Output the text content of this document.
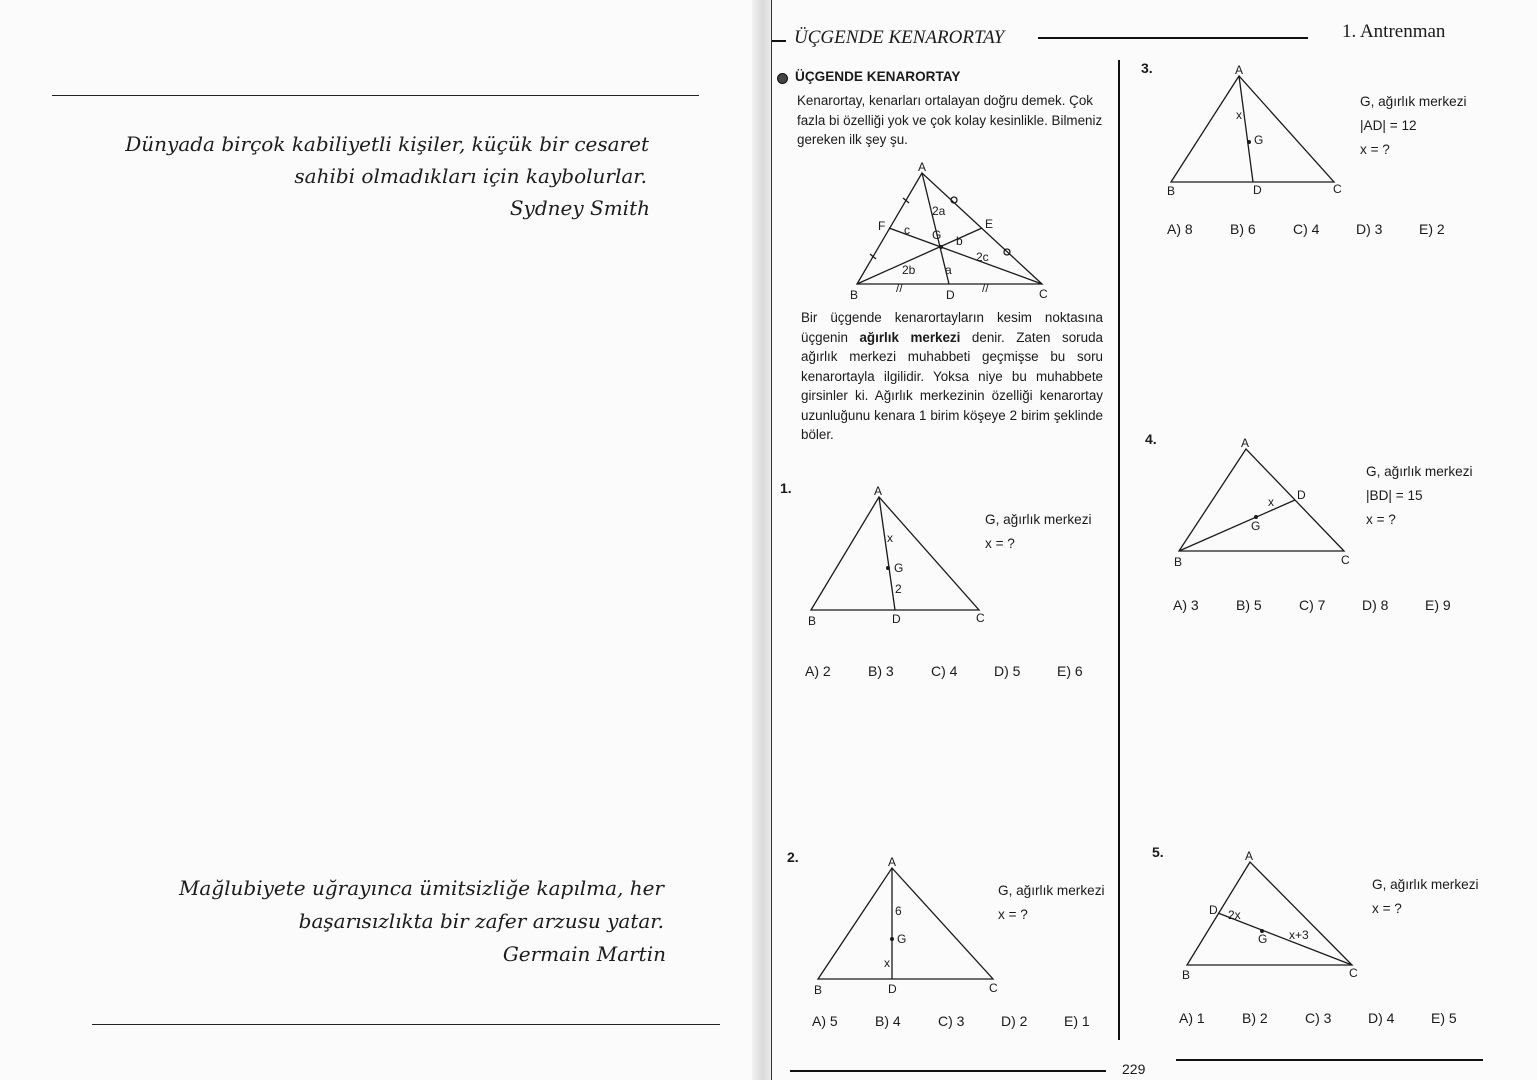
Dünyada birçok kabiliyetli kişiler, küçük bir cesaret
sahibi olmadıkları için kaybolurlar.
Sydney Smith
Mağlubiyete uğrayınca ümitsizliğe kapılma, her
başarısızlıkta bir zafer arzusu yatar.
Germain Martin
ÜÇGENDE KENARORTAY	1. Antrenman
ÜÇGENDE KENARORTAY
Kenarortay, kenarları ortalayan doğru demek. Çok fazla bi özelliği yok ve çok kolay kesinlikle. Bilmeniz gereken ilk şey şu.
A
B	C
D
E
F
G
2a
a
b
2b
c
2c
//	//
Bir üçgende kenarortayların kesim noktasına üçgenin ağırlık merkezi denir. Zaten soruda ağırlık merkezi muhabbeti geçmişse bu soru kenarortayla ilgilidir. Yoksa niye bu muhabbete girsinler ki. Ağırlık merkezinin özelliği kenarortay uzunluğunu kenara 1 birim köşeye 2 birim şeklinde böler.
1.	A
B	C
D
G
x
2
G, ağırlık merkezi
x = ?
A) 2	B) 3	C) 4	D) 5	E) 6
2.	A
B	C
D
G
6
x
G, ağırlık merkezi
x = ?
A) 5	B) 4	C) 3	D) 2	E) 1
3.	A
B	C
D
G
x
G, ağırlık merkezi
|AD| = 12
x = ?
A) 8	B) 6	C) 4	D) 3	E) 2
4.	A
B	C
D
G
x
G, ağırlık merkezi
|BD| = 15
x = ?
A) 3	B) 5	C) 7	D) 8	E) 9
5.	A
B	C
D
G
2x
x+3
G, ağırlık merkezi
x = ?
A) 1	B) 2	C) 3	D) 4	E) 5
229
